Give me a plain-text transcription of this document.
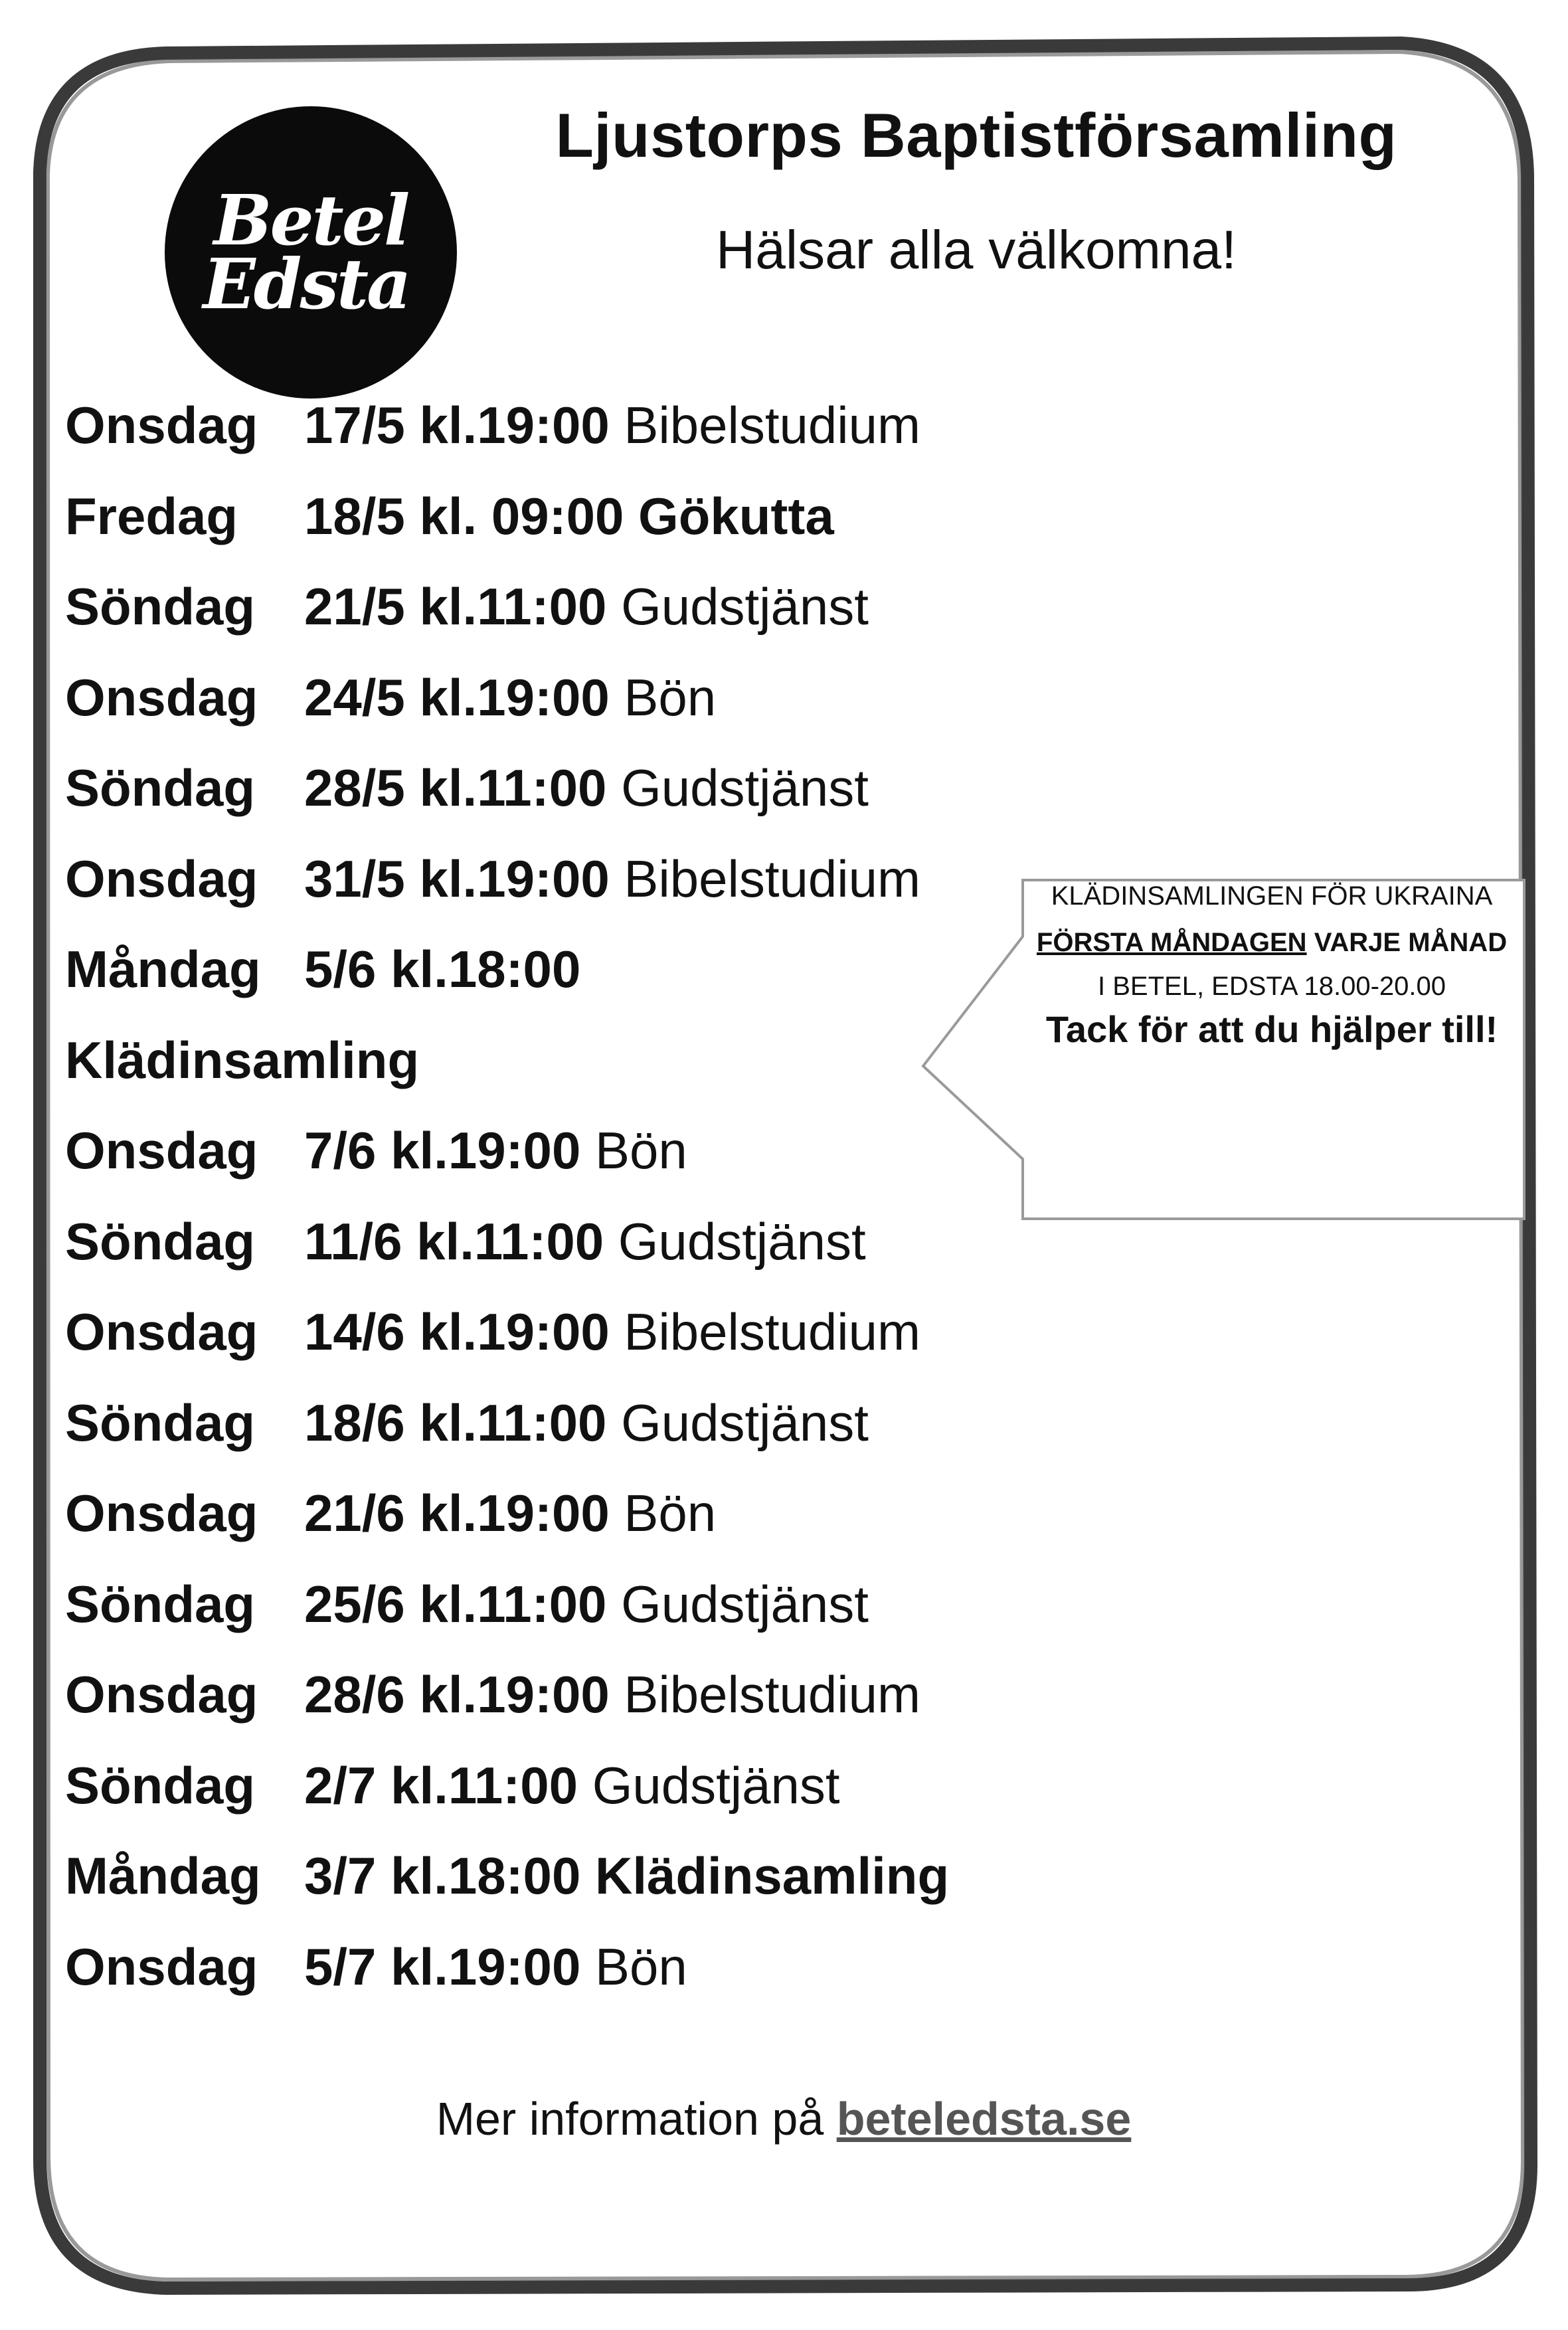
Betel
Edsta
Ljustorps Baptistförsamling
Hälsar alla välkomna!
Onsdag 17/5 kl.19:00 Bibelstudium
Fredag 18/5 kl. 09:00 Gökutta
Söndag 21/5 kl.11:00 Gudstjänst
Onsdag 24/5 kl.19:00 Bön
Söndag 28/5 kl.11:00 Gudstjänst
Onsdag 31/5 kl.19:00 Bibelstudium
Måndag 5/6 kl.18:00
Klädinsamling
Onsdag 7/6 kl.19:00 Bön
Söndag 11/6 kl.11:00 Gudstjänst
Onsdag 14/6 kl.19:00 Bibelstudium
Söndag 18/6 kl.11:00 Gudstjänst
Onsdag 21/6 kl.19:00 Bön
Söndag 25/6 kl.11:00 Gudstjänst
Onsdag 28/6 kl.19:00 Bibelstudium
Söndag 2/7 kl.11:00 Gudstjänst
Måndag 3/7 kl.18:00 Klädinsamling
Onsdag 5/7 kl.19:00 Bön
KLÄDINSAMLINGEN FÖR UKRAINA
FÖRSTA MÅNDAGEN VARJE MÅNAD
I BETEL, EDSTA 18.00-20.00
Tack för att du hjälper till!
Mer information på beteledsta.se
